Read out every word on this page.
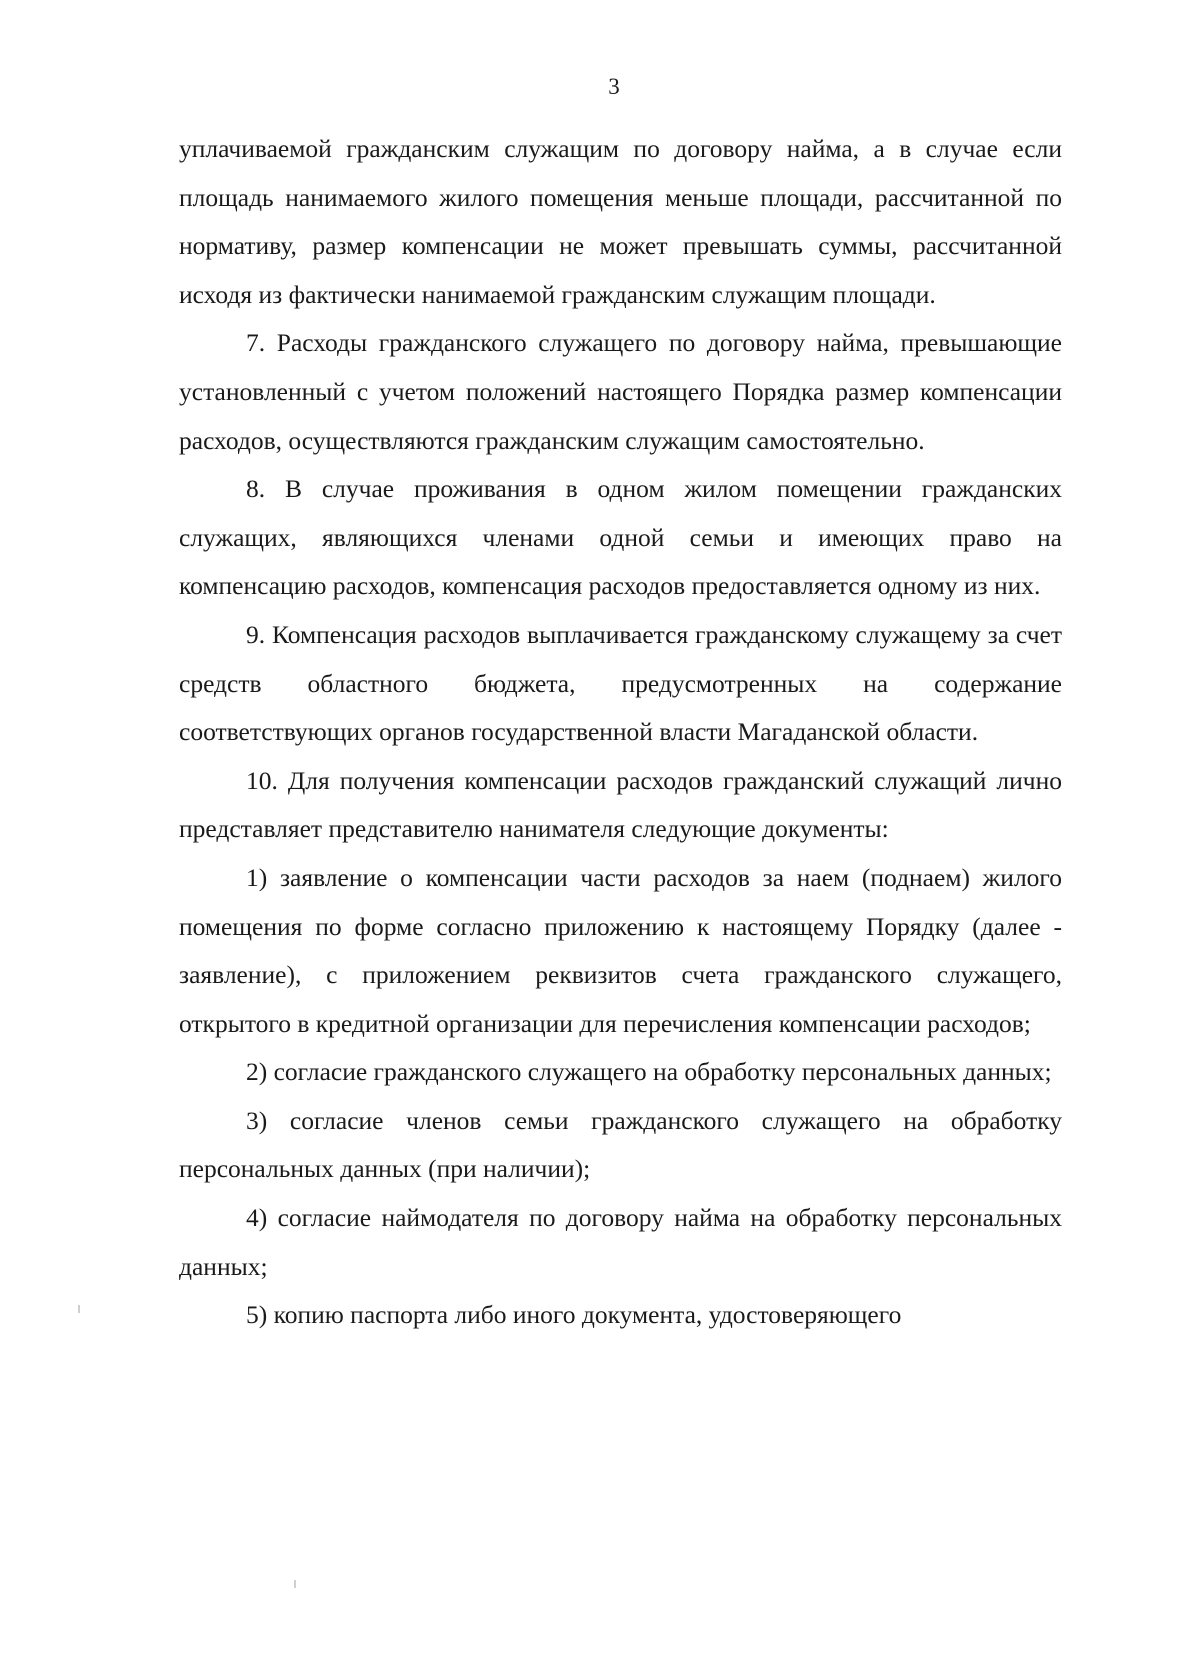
3

уплачиваемой гражданским служащим по договору найма, а в случае если площадь нанимаемого жилого помещения меньше площади, рассчитанной по нормативу, размер компенсации не может превышать суммы, рассчитанной исходя из фактически нанимаемой гражданским служащим площади.

7. Расходы гражданского служащего по договору найма, превышающие установленный с учетом положений настоящего Порядка размер компенсации расходов, осуществляются гражданским служащим самостоятельно.

8. В случае проживания в одном жилом помещении гражданских служащих, являющихся членами одной семьи и имеющих право на компенсацию расходов, компенсация расходов предоставляется одному из них.

9. Компенсация расходов выплачивается гражданскому служащему за счет средств областного бюджета, предусмотренных на содержание соответствующих органов государственной власти Магаданской области.

10. Для получения компенсации расходов гражданский служащий лично представляет представителю нанимателя следующие документы:

1) заявление о компенсации части расходов за наем (поднаем) жилого помещения по форме согласно приложению к настоящему Порядку (далее - заявление), с приложением реквизитов счета гражданского служащего, открытого в кредитной организации для перечисления компенсации расходов;

2) согласие гражданского служащего на обработку персональных данных;

3) согласие членов семьи гражданского служащего на обработку персональных данных (при наличии);

4) согласие наймодателя по договору найма на обработку персональных данных;

5) копию паспорта либо иного документа, удостоверяющего
